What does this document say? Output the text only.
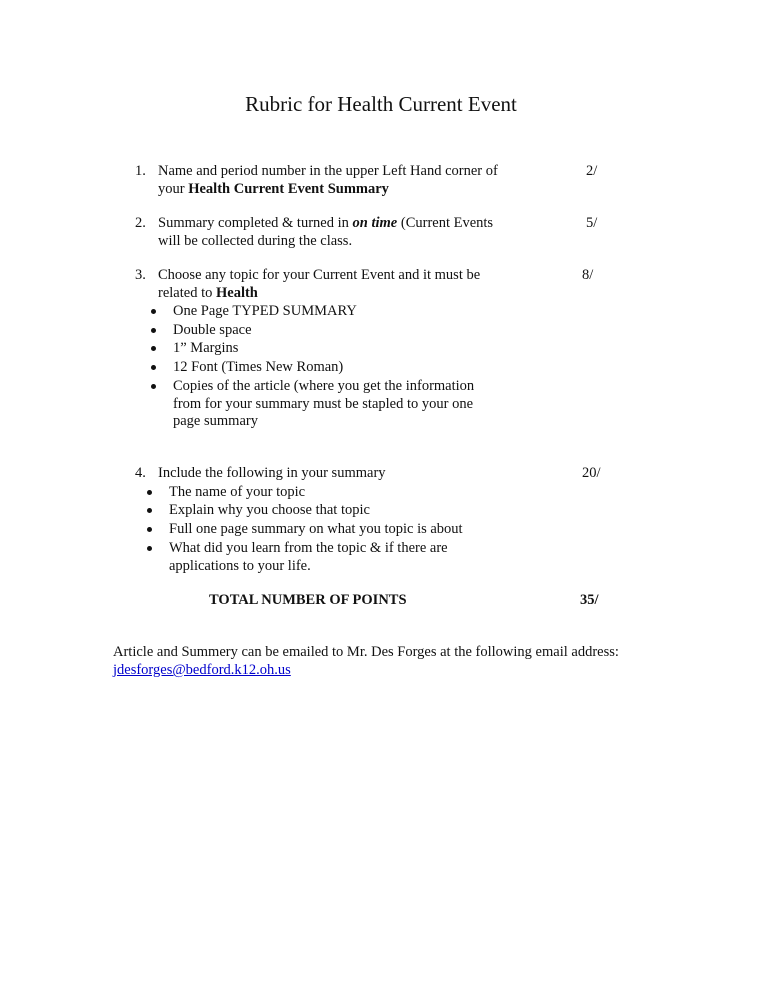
Rubric for Health Current Event
1. Name and period number in the upper Left Hand corner of
your Health Current Event Summary
2/
2. Summary completed & turned in on time (Current Events
will be collected during the class.
5/
3. Choose any topic for your Current Event and it must be
related to Health
8/
One Page TYPED SUMMARY
Double space
1” Margins
12 Font (Times New Roman)
Copies of the article (where you get the information
from for your summary must be stapled to your one
page summary
4. Include the following in your summary	20/
The name of your topic
Explain why you choose that topic
Full one page summary on what you topic is about
What did you learn from the topic & if there are
applications to your life.
TOTAL NUMBER OF POINTS	35/
Article and Summery can be emailed to Mr. Des Forges at the following email address:
jdesforges@bedford.k12.oh.us
